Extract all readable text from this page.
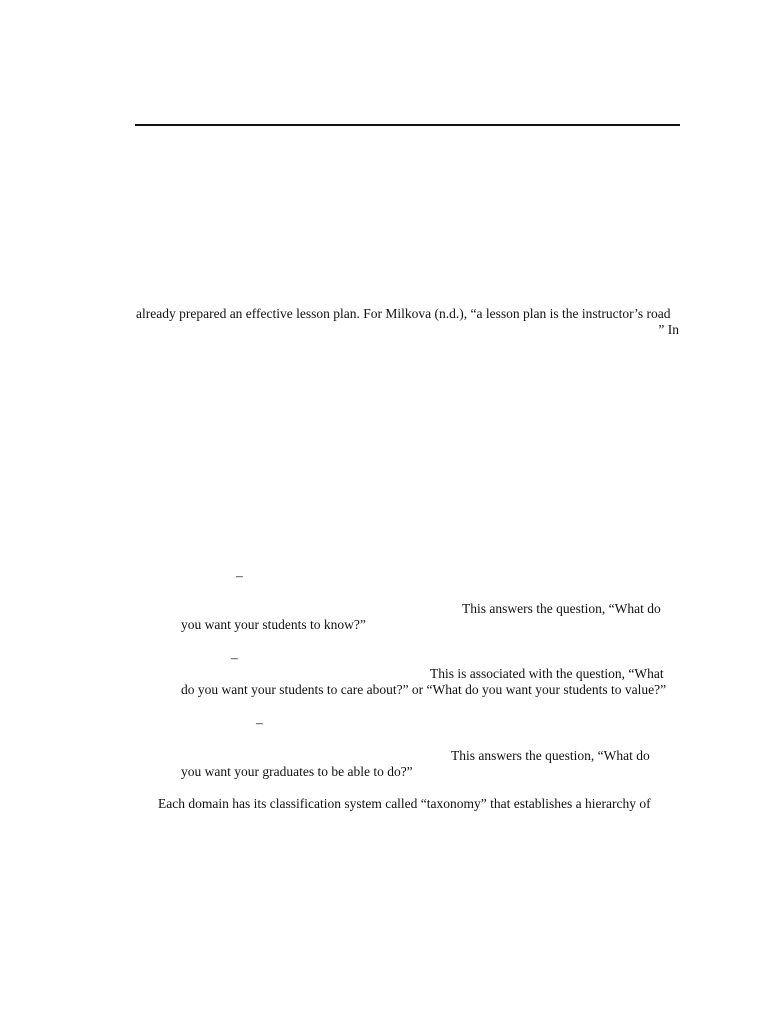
already prepared an effective lesson plan. For Milkova (n.d.), “a lesson plan is the instructor’s road
” In
–
This answers the question, “What do
you want your students to know?”
–
This is associated with the question, “What
do you want your students to care about?” or “What do you want your students to value?”
–
This answers the question, “What do
you want your graduates to be able to do?”
Each domain has its classification system called “taxonomy” that establishes a hierarchy of
